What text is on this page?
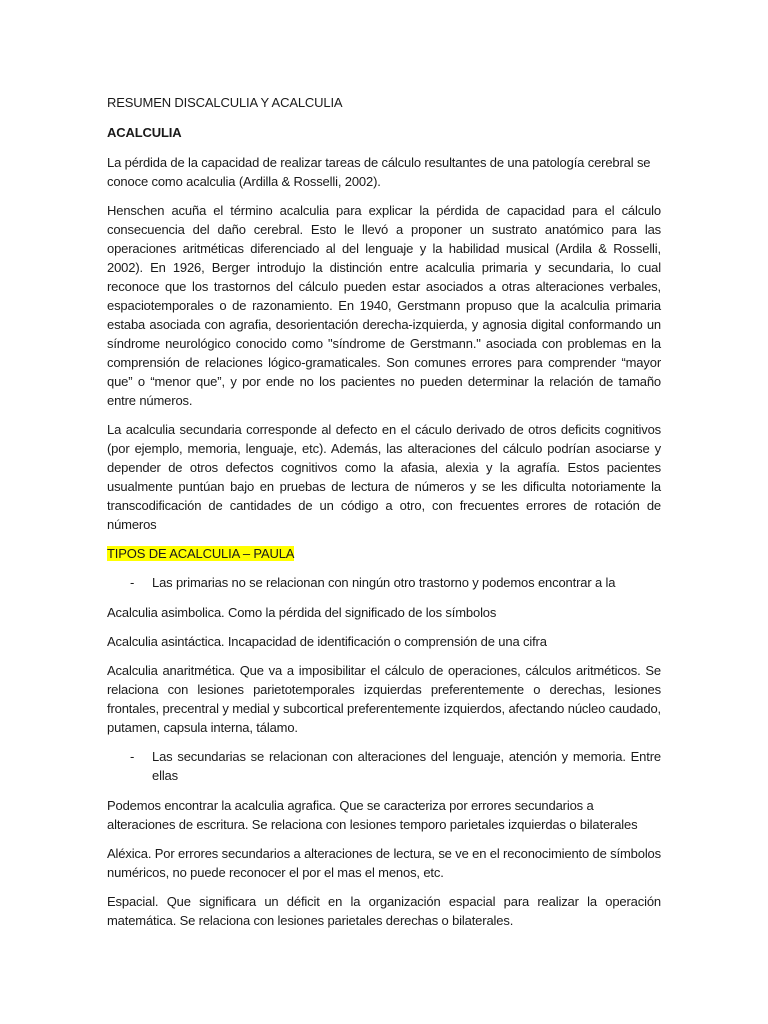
RESUMEN DISCALCULIA Y ACALCULIA

ACALCULIA

La pérdida de la capacidad de realizar tareas de cálculo resultantes de una patología cerebral se conoce como acalculia (Ardilla & Rosselli, 2002).

Henschen acuña el término acalculia para explicar la pérdida de capacidad para el cálculo consecuencia del daño cerebral. Esto le llevó a proponer un sustrato anatómico para las operaciones aritméticas diferenciado al del lenguaje y la habilidad musical (Ardila & Rosselli, 2002). En 1926, Berger introdujo la distinción entre acalculia primaria y secundaria, lo cual reconoce que los trastornos del cálculo pueden estar asociados a otras alteraciones verbales, espaciotemporales o de razonamiento. En 1940, Gerstmann propuso que la acalculia primaria estaba asociada con agrafia, desorientación derecha-izquierda, y agnosia digital conformando un síndrome neurológico conocido como "síndrome de Gerstmann." asociada con problemas en la comprensión de relaciones lógico-gramaticales. Son comunes errores para comprender “mayor que” o “menor que”, y por ende no los pacientes no pueden determinar la relación de tamaño entre números.

La acalculia secundaria corresponde al defecto en el cáculo derivado de otros deficits cognitivos (por ejemplo, memoria, lenguaje, etc). Además, las alteraciones del cálculo podrían asociarse y depender de otros defectos cognitivos como la afasia, alexia y la agrafía. Estos pacientes usualmente puntúan bajo en pruebas de lectura de números y se les dificulta notoriamente la transcodificación de cantidades de un código a otro, con frecuentes errores de rotación de números

TIPOS DE ACALCULIA – PAULA

-	Las primarias no se relacionan con ningún otro trastorno y podemos encontrar a la

Acalculia asimbolica. Como la pérdida del significado de los símbolos

Acalculia asintáctica. Incapacidad de identificación o comprensión de una cifra

Acalculia anaritmética. Que va a imposibilitar el cálculo de operaciones, cálculos aritméticos. Se relaciona con lesiones parietotemporales izquierdas preferentemente o derechas, lesiones frontales, precentral y medial y subcortical preferentemente izquierdos, afectando núcleo caudado, putamen, capsula interna, tálamo.

-	Las secundarias se relacionan con alteraciones del lenguaje, atención y memoria. Entre ellas

Podemos encontrar la acalculia agrafica. Que se caracteriza por errores secundarios a alteraciones de escritura. Se relaciona con lesiones temporo parietales izquierdas o bilaterales

Aléxica. Por errores secundarios a alteraciones de lectura, se ve en el reconocimiento de símbolos numéricos, no puede reconocer el por el mas el menos, etc.

Espacial. Que significara un déficit en la organización espacial para realizar la operación matemática. Se relaciona con lesiones parietales derechas o bilaterales.
